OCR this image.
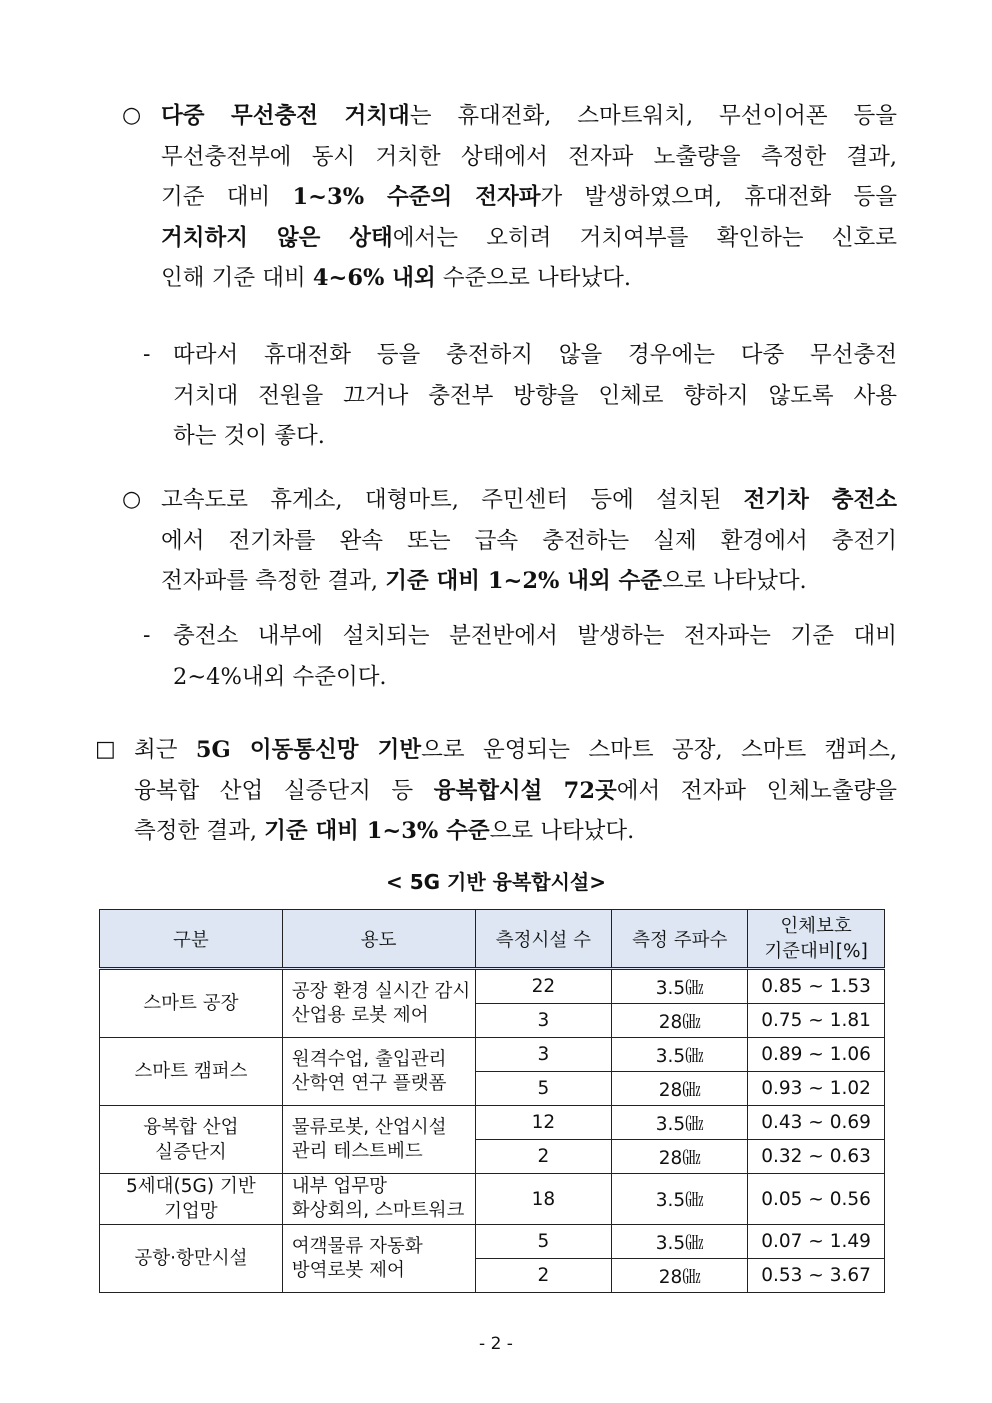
○ 다중 무선충전 거치대는 휴대전화, 스마트워치, 무선이어폰 등을

무선충전부에 동시 거치한 상태에서 전자파 노출량을 측정한 결과,

기준 대비 1~3% 수준의 전자파가 발생하였으며, 휴대전화 등을

거치하지 않은 상태에서는 오히려 거치여부를 확인하는 신호로

인해 기준 대비 4~6% 내외 수준으로 나타났다.

- 따라서 휴대전화 등을 충전하지 않을 경우에는 다중 무선충전

거치대 전원을 끄거나 충전부 방향을 인체로 향하지 않도록 사용

하는 것이 좋다.

○ 고속도로 휴게소, 대형마트, 주민센터 등에 설치된 전기차 충전소

에서 전기차를 완속 또는 급속 충전하는 실제 환경에서 충전기

전자파를 측정한 결과, 기준 대비 1~2% 내외 수준으로 나타났다.

- 충전소 내부에 설치되는 분전반에서 발생하는 전자파는 기준 대비

2~4%내외 수준이다.

□ 최근 5G 이동통신망 기반으로 운영되는 스마트 공장, 스마트 캠퍼스,

융복합 산업 실증단지 등 융복합시설 72곳에서 전자파 인체노출량을

측정한 결과, 기준 대비 1~3% 수준으로 나타났다.

< 5G 기반 융복합시설>
구분	용도	측정시설 수	측정 주파수	인체보호
기준대비[%]
스마트 공장	공장 환경 실시간 감시
산업용 로봇 제어	22	3.5㎓	0.85 ~ 1.53
		3	28㎓	0.75 ~ 1.81
스마트 캠퍼스	원격수업, 출입관리
산학연 연구 플랫폼	3	3.5㎓	0.89 ~ 1.06
		5	28㎓	0.93 ~ 1.02
융복합 산업
실증단지	물류로봇, 산업시설
관리 테스트베드	12	3.5㎓	0.43 ~ 0.69
		2	28㎓	0.32 ~ 0.63
5세대(5G) 기반
기업망	내부 업무망
화상회의, 스마트워크	18	3.5㎓	0.05 ~ 0.56
공항·항만시설	여객물류 자동화
방역로봇 제어	5	3.5㎓	0.07 ~ 1.49
		2	28㎓	0.53 ~ 3.67
- 2 -
